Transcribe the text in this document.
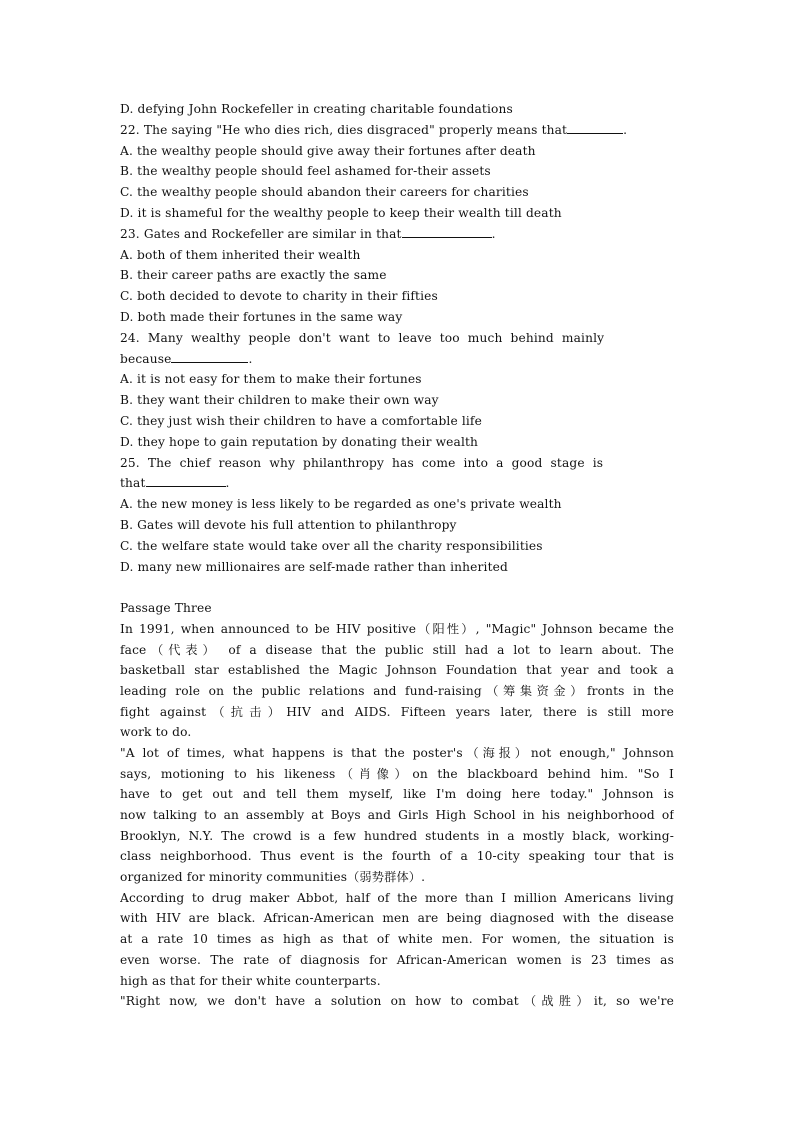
D. defying John Rockefeller in creating charitable foundations
22. The saying "He who dies rich, dies disgraced" properly means that	.
A. the wealthy people should give away their fortunes after death
B. the wealthy people should feel ashamed for-their assets
C. the wealthy people should abandon their careers for charities
D. it is shameful for the wealthy people to keep their wealth till death
23. Gates and Rockefeller are similar in that	.
A. both of them inherited their wealth
B. their career paths are exactly the same
C. both decided to devote to charity in their fifties
D. both made their fortunes in the same way
24.  Many  wealthy  people  don't  want  to  leave  too  much  behind  mainly
because	.
A. it is not easy for them to make their fortunes
B. they want their children to make their own way
C. they just wish their children to have a comfortable life
D. they hope to gain reputation by donating their wealth
25.  The  chief  reason  why  philanthropy  has  come  into  a  good  stage  is
that	.
A. the new money is less likely to be regarded as one's private wealth
B. Gates will devote his full attention to philanthropy
C. the welfare state would take over all the charity responsibilities
D. many new millionaires are self-made rather than inherited
Passage Three
In 1991, when announced to be HIV positive（阳性）, "Magic" Johnson became the
face（代表） of a disease that the public still had a lot to learn about. The
basketball star established the Magic Johnson Foundation that year and took a
leading role on the public relations and fund-raising（筹集资金）fronts in the
fight against（抗击）HIV and AIDS. Fifteen years later, there is still more
work to do.
"A lot of times, what happens is that the poster's（海报）not enough," Johnson
says, motioning to his likeness（肖像）on the blackboard behind him. "So I
have to get out and tell them myself, like I'm doing here today." Johnson is
now talking to an assembly at Boys and Girls High School in his neighborhood of
Brooklyn, N.Y. The crowd is a few hundred students in a mostly black, working-
class neighborhood. Thus event is the fourth of a 10-city speaking tour that is
organized for minority communities（弱势群体）.
According to drug maker Abbot, half of the more than I million Americans living
with HIV are black. African-American men are being diagnosed with the disease
at a rate 10 times as high as that of white men. For women, the situation is
even worse. The rate of diagnosis for African-American women is 23 times as
high as that for their white counterparts.
"Right now, we don't have a solution on how to combat（战胜）it, so we're
